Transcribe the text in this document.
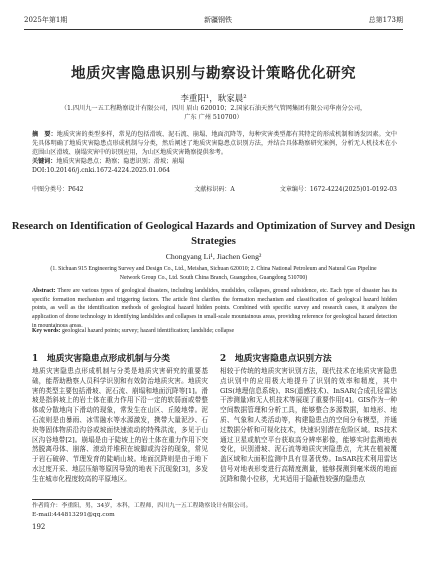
2025年第1期	新疆钢铁	总第173期
地质灾害隐患识别与勘察设计策略优化研究
李重阳¹，耿家晨²
（1.四川九一五工程勘察设计有限公司，四川 眉山 620010；2.国家石油天然气管网集团有限公司华南分公司，广东 广州 510700）
摘　要：地质灾害的类型多样，常见的包括滑坡、泥石流、崩塌、地面沉降等，每种灾害类型都有其特定的形成机制和诱发因素。文中先具体明确了地质灾害隐患点形成机制与分类，然后阐述了地质灾害隐患点识别方法，并结合具体勘察研究案例，分析无人机技术在小范围山区滑坡、崩塌灾害中的识别应用，为山区地质灾害勘察提供参考。
关键词：地质灾害隐患点；勘察；隐患识别；滑坡；崩塌
DOI:10.20146/j.cnki.1672-4224.2025.01.064
中图分类号：P642	文献标识码：A	文章编号：1672-4224(2025)01-0192-03
Research on Identification of Geological Hazards and Optimization of Survey and Design Strategies
Chongyang Li¹, Jiachen Geng²
(1. Sichuan 915 Engineering Survey and Design Co., Ltd., Meishan, Sichuan 620010; 2. China National Petroleum and Natural Gas Pipeline Network Group Co., Ltd. South China Branch, Guangzhou, Guangdong 510700)
Abstract: There are various types of geological disasters, including landslides, mudslides, collapses, ground subsidence, etc. Each type of disaster has its specific formation mechanism and triggering factors. The article first clarifies the formation mechanism and classification of geological hazard hidden points, as well as the identification methods of geological hazard hidden points. Combined with specific survey and research cases, it analyzes the application of drone technology in identifying landslides and collapses in small-scale mountainous areas, providing reference for geological hazard detection in mountainous areas.
Key words: geological hazard points; survey; hazard identification; landslide; collapse
1　地质灾害隐患点形成机制与分类
地质灾害隐患点形成机制与分类是地质灾害研究的重要基础，能帮助勘察人员科学识别和有效防治地质灾害。地质灾害的类型主要包括滑坡、泥石流、崩塌和地面沉降等[1]。滑坡是指斜坡上的岩土体在重力作用下沿一定的软弱面或带整体或分散地向下滑动的现象，常发生在山区、丘陵地带。泥石流则是由暴雨、冰雪融水等水源激发，携带大量泥沙、石块等固体物质沿沟谷或坡面快速流动的特殊洪流，多见于山区沟谷地带[2]。崩塌是由于陡坡上的岩土体在重力作用下突然脱离母体、崩落、滚动并堆积在坡脚或沟谷的现象，常见于岩石破碎、节理发育的陡峭山坡。地面沉降则是由于地下水过度开采、地层压缩等原因导致的地表下沉现象[3]，多发生在城市化程度较高的平原地区。
2　地质灾害隐患点识别方法
相较于传统的地质灾害识别方法，现代技术在地质灾害隐患点识别中的应用极大地提升了识别的效率和精度，其中GIS(地理信息系统)、RS(遥感技术)、InSAR(合成孔径雷达干涉测量)和无人机技术等展现了重要作用[4]。GIS作为一种空间数据管理和分析工具，能够整合多源数据，如地形、地质、气象和人类活动等，构建隐患点的空间分布模型，并通过数据分析和可视化技术，快速识别潜在危险区域。RS技术通过卫星或航空平台获取高分辨率影像，能够实时监测地表变化，识别滑坡、泥石流等地质灾害隐患点，尤其在植被覆盖区域和大面积监测中具有显著优势。InSAR技术利用雷达信号对地表形变进行高精度测量，能够探测到毫米级的地面沉降和微小位移，尤其适用于隐蔽性较强的隐患点
作者简介：李重阳，男，34岁，本科，工程师，四川九一五工程勘察设计有限公司。
E-mail:444813291@qq.com
192
